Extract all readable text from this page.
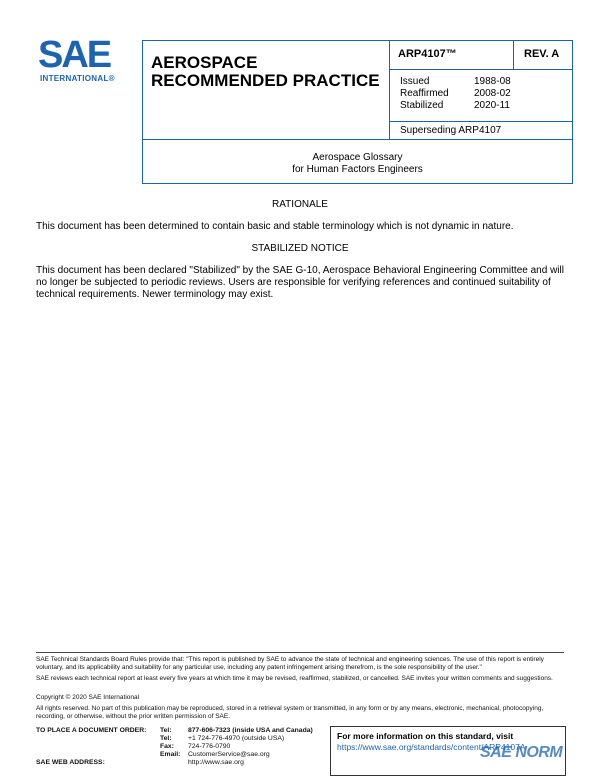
SAE
INTERNATIONAL®
AEROSPACE
RECOMMENDED PRACTICE
ARP4107™	REV. A
Issued	1988-08
Reaffirmed	2008-02
Stabilized	2020-11
Superseding ARP4107
Aerospace Glossary
for Human Factors Engineers
RATIONALE
This document has been determined to contain basic and stable terminology which is not dynamic in nature.
STABILIZED NOTICE
This document has been declared "Stabilized" by the SAE G-10, Aerospace Behavioral Engineering Committee and will no longer be subjected to periodic reviews. Users are responsible for verifying references and continued suitability of technical requirements. Newer terminology may exist.
SAE Technical Standards Board Rules provide that: "This report is published by SAE to advance the state of technical and engineering sciences. The use of this report is entirely voluntary, and its applicability and suitability for any particular use, including any patent infringement arising therefrom, is the sole responsibility of the user."
SAE reviews each technical report at least every five years at which time it may be revised, reaffirmed, stabilized, or cancelled. SAE invites your written comments and suggestions.
Copyright © 2020 SAE International
All rights reserved. No part of this publication may be reproduced, stored in a retrieval system or transmitted, in any form or by any means, electronic, mechanical, photocopying, recording, or otherwise, without the prior written permission of SAE.
TO PLACE A DOCUMENT ORDER: Tel: 877-606-7323 (inside USA and Canada)
Tel: +1 724-776-4970 (outside USA)
Fax: 724-776-0790
Email: CustomerService@sae.org
SAE WEB ADDRESS:	http://www.sae.org
For more information on this standard, visit
https://www.sae.org/standards/content/ARP4107A
SAE NORM
